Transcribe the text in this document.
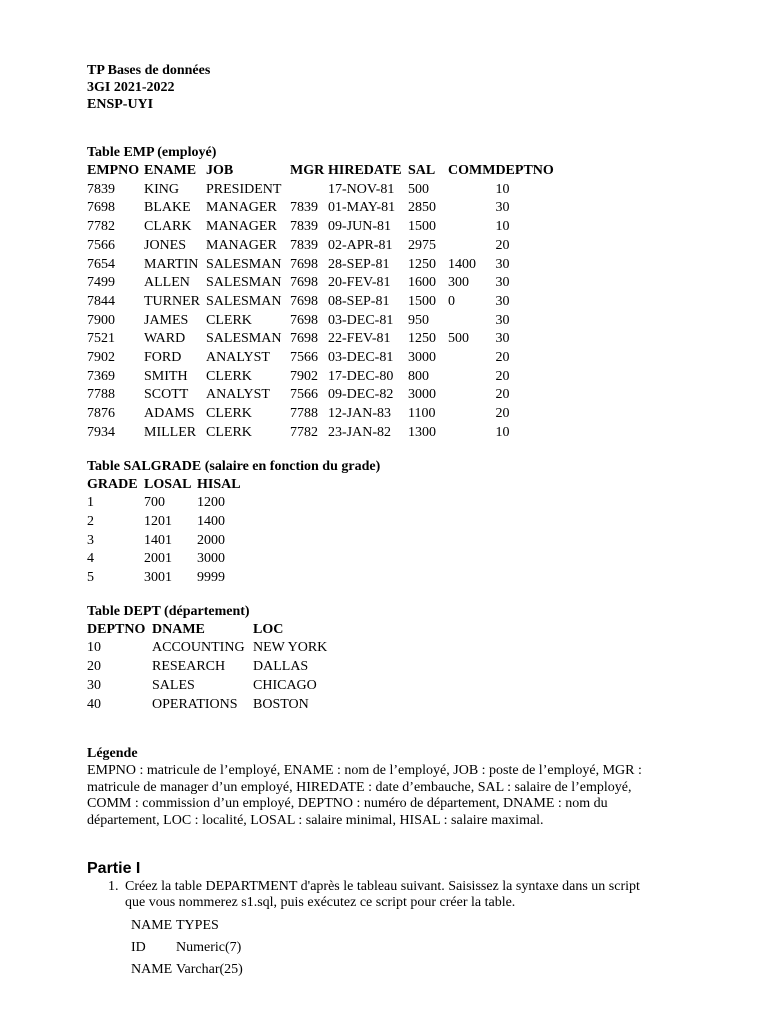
TP Bases de données
3GI 2021-2022
ENSP-UYI
Table EMP (employé)
EMPNO	ENAME	JOB	MGR	HIREDATE	SAL	COMM	DEPTNO
7839	KING	PRESIDENT		17-NOV-81	500		10
7698	BLAKE	MANAGER	7839	01-MAY-81	2850		30
7782	CLARK	MANAGER	7839	09-JUN-81	1500		10
7566	JONES	MANAGER	7839	02-APR-81	2975		20
7654	MARTIN	SALESMAN	7698	28-SEP-81	1250	1400	30
7499	ALLEN	SALESMAN	7698	20-FEV-81	1600	300	30
7844	TURNER	SALESMAN	7698	08-SEP-81	1500	0	30
7900	JAMES	CLERK	7698	03-DEC-81	950		30
7521	WARD	SALESMAN	7698	22-FEV-81	1250	500	30
7902	FORD	ANALYST	7566	03-DEC-81	3000		20
7369	SMITH	CLERK	7902	17-DEC-80	800		20
7788	SCOTT	ANALYST	7566	09-DEC-82	3000		20
7876	ADAMS	CLERK	7788	12-JAN-83	1100		20
7934	MILLER	CLERK	7782	23-JAN-82	1300		10
Table SALGRADE (salaire en fonction du grade)
GRADE	LOSAL	HISAL
1	700	1200
2	1201	1400
3	1401	2000
4	2001	3000
5	3001	9999
Table DEPT (département)
DEPTNO	DNAME	LOC
10	ACCOUNTING	NEW YORK
20	RESEARCH	DALLAS
30	SALES	CHICAGO
40	OPERATIONS	BOSTON
Légende
EMPNO : matricule de l’employé, ENAME : nom de l’employé, JOB : poste de l’employé, MGR : matricule de manager d’un employé, HIREDATE : date d’embauche, SAL : salaire de l’employé, COMM : commission d’un employé, DEPTNO : numéro de département, DNAME : nom du département, LOC : localité, LOSAL : salaire minimal, HISAL : salaire maximal.
Partie I
1. Créez la table DEPARTMENT d'après le tableau suivant. Saisissez la syntaxe dans un script que vous nommerez s1.sql, puis exécutez ce script pour créer la table.
NAME	TYPES
ID	Numeric(7)
NAME	Varchar(25)
